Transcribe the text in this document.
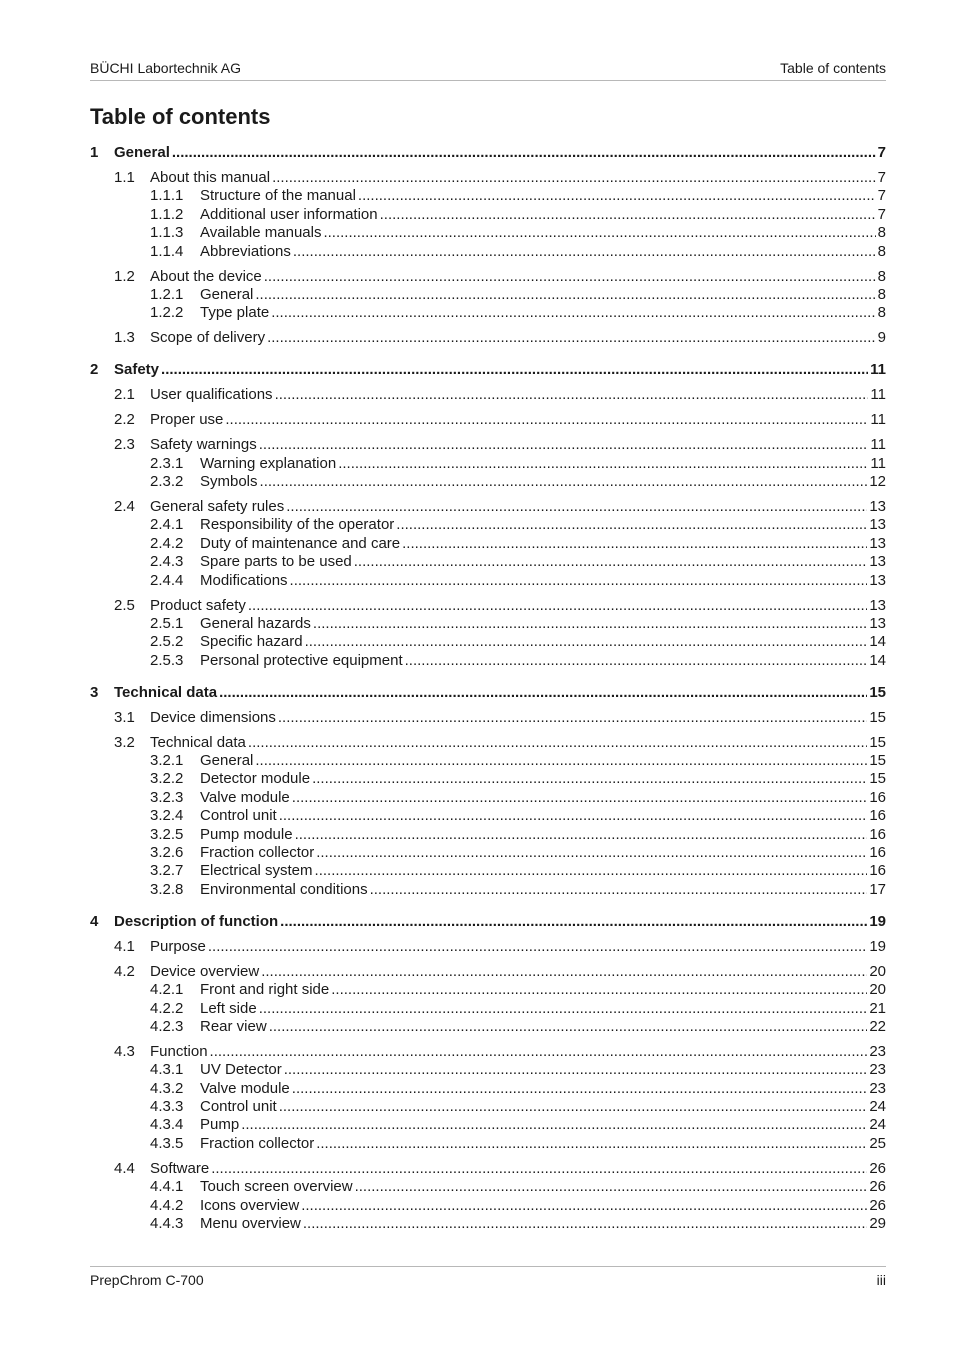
BÜCHI Labortechnik AG	Table of contents
Table of contents
1	General .....	7
1.1	About this manual .....	7
1.1.1	Structure of the manual .....	7
1.1.2	Additional user information .....	7
1.1.3	Available manuals .....	8
1.1.4	Abbreviations .....	8
1.2	About the device .....	8
1.2.1	General .....	8
1.2.2	Type plate .....	8
1.3	Scope of delivery .....	9
2	Safety .....	11
2.1	User qualifications .....	11
2.2	Proper use .....	11
2.3	Safety warnings .....	11
2.3.1	Warning explanation .....	11
2.3.2	Symbols .....	12
2.4	General safety rules .....	13
2.4.1	Responsibility of the operator .....	13
2.4.2	Duty of maintenance and care .....	13
2.4.3	Spare parts to be used .....	13
2.4.4	Modifications .....	13
2.5	Product safety .....	13
2.5.1	General hazards .....	13
2.5.2	Specific hazard .....	14
2.5.3	Personal protective equipment .....	14
3	Technical data .....	15
3.1	Device dimensions .....	15
3.2	Technical data .....	15
3.2.1	General .....	15
3.2.2	Detector module .....	15
3.2.3	Valve module .....	16
3.2.4	Control unit .....	16
3.2.5	Pump module .....	16
3.2.6	Fraction collector .....	16
3.2.7	Electrical system .....	16
3.2.8	Environmental conditions .....	17
4	Description of function .....	19
4.1	Purpose .....	19
4.2	Device overview .....	20
4.2.1	Front and right side .....	20
4.2.2	Left side .....	21
4.2.3	Rear view .....	22
4.3	Function .....	23
4.3.1	UV Detector .....	23
4.3.2	Valve module .....	23
4.3.3	Control unit .....	24
4.3.4	Pump .....	24
4.3.5	Fraction collector .....	25
4.4	Software .....	26
4.4.1	Touch screen overview .....	26
4.4.2	Icons overview .....	26
4.4.3	Menu overview .....	29
PrepChrom C-700	iii
